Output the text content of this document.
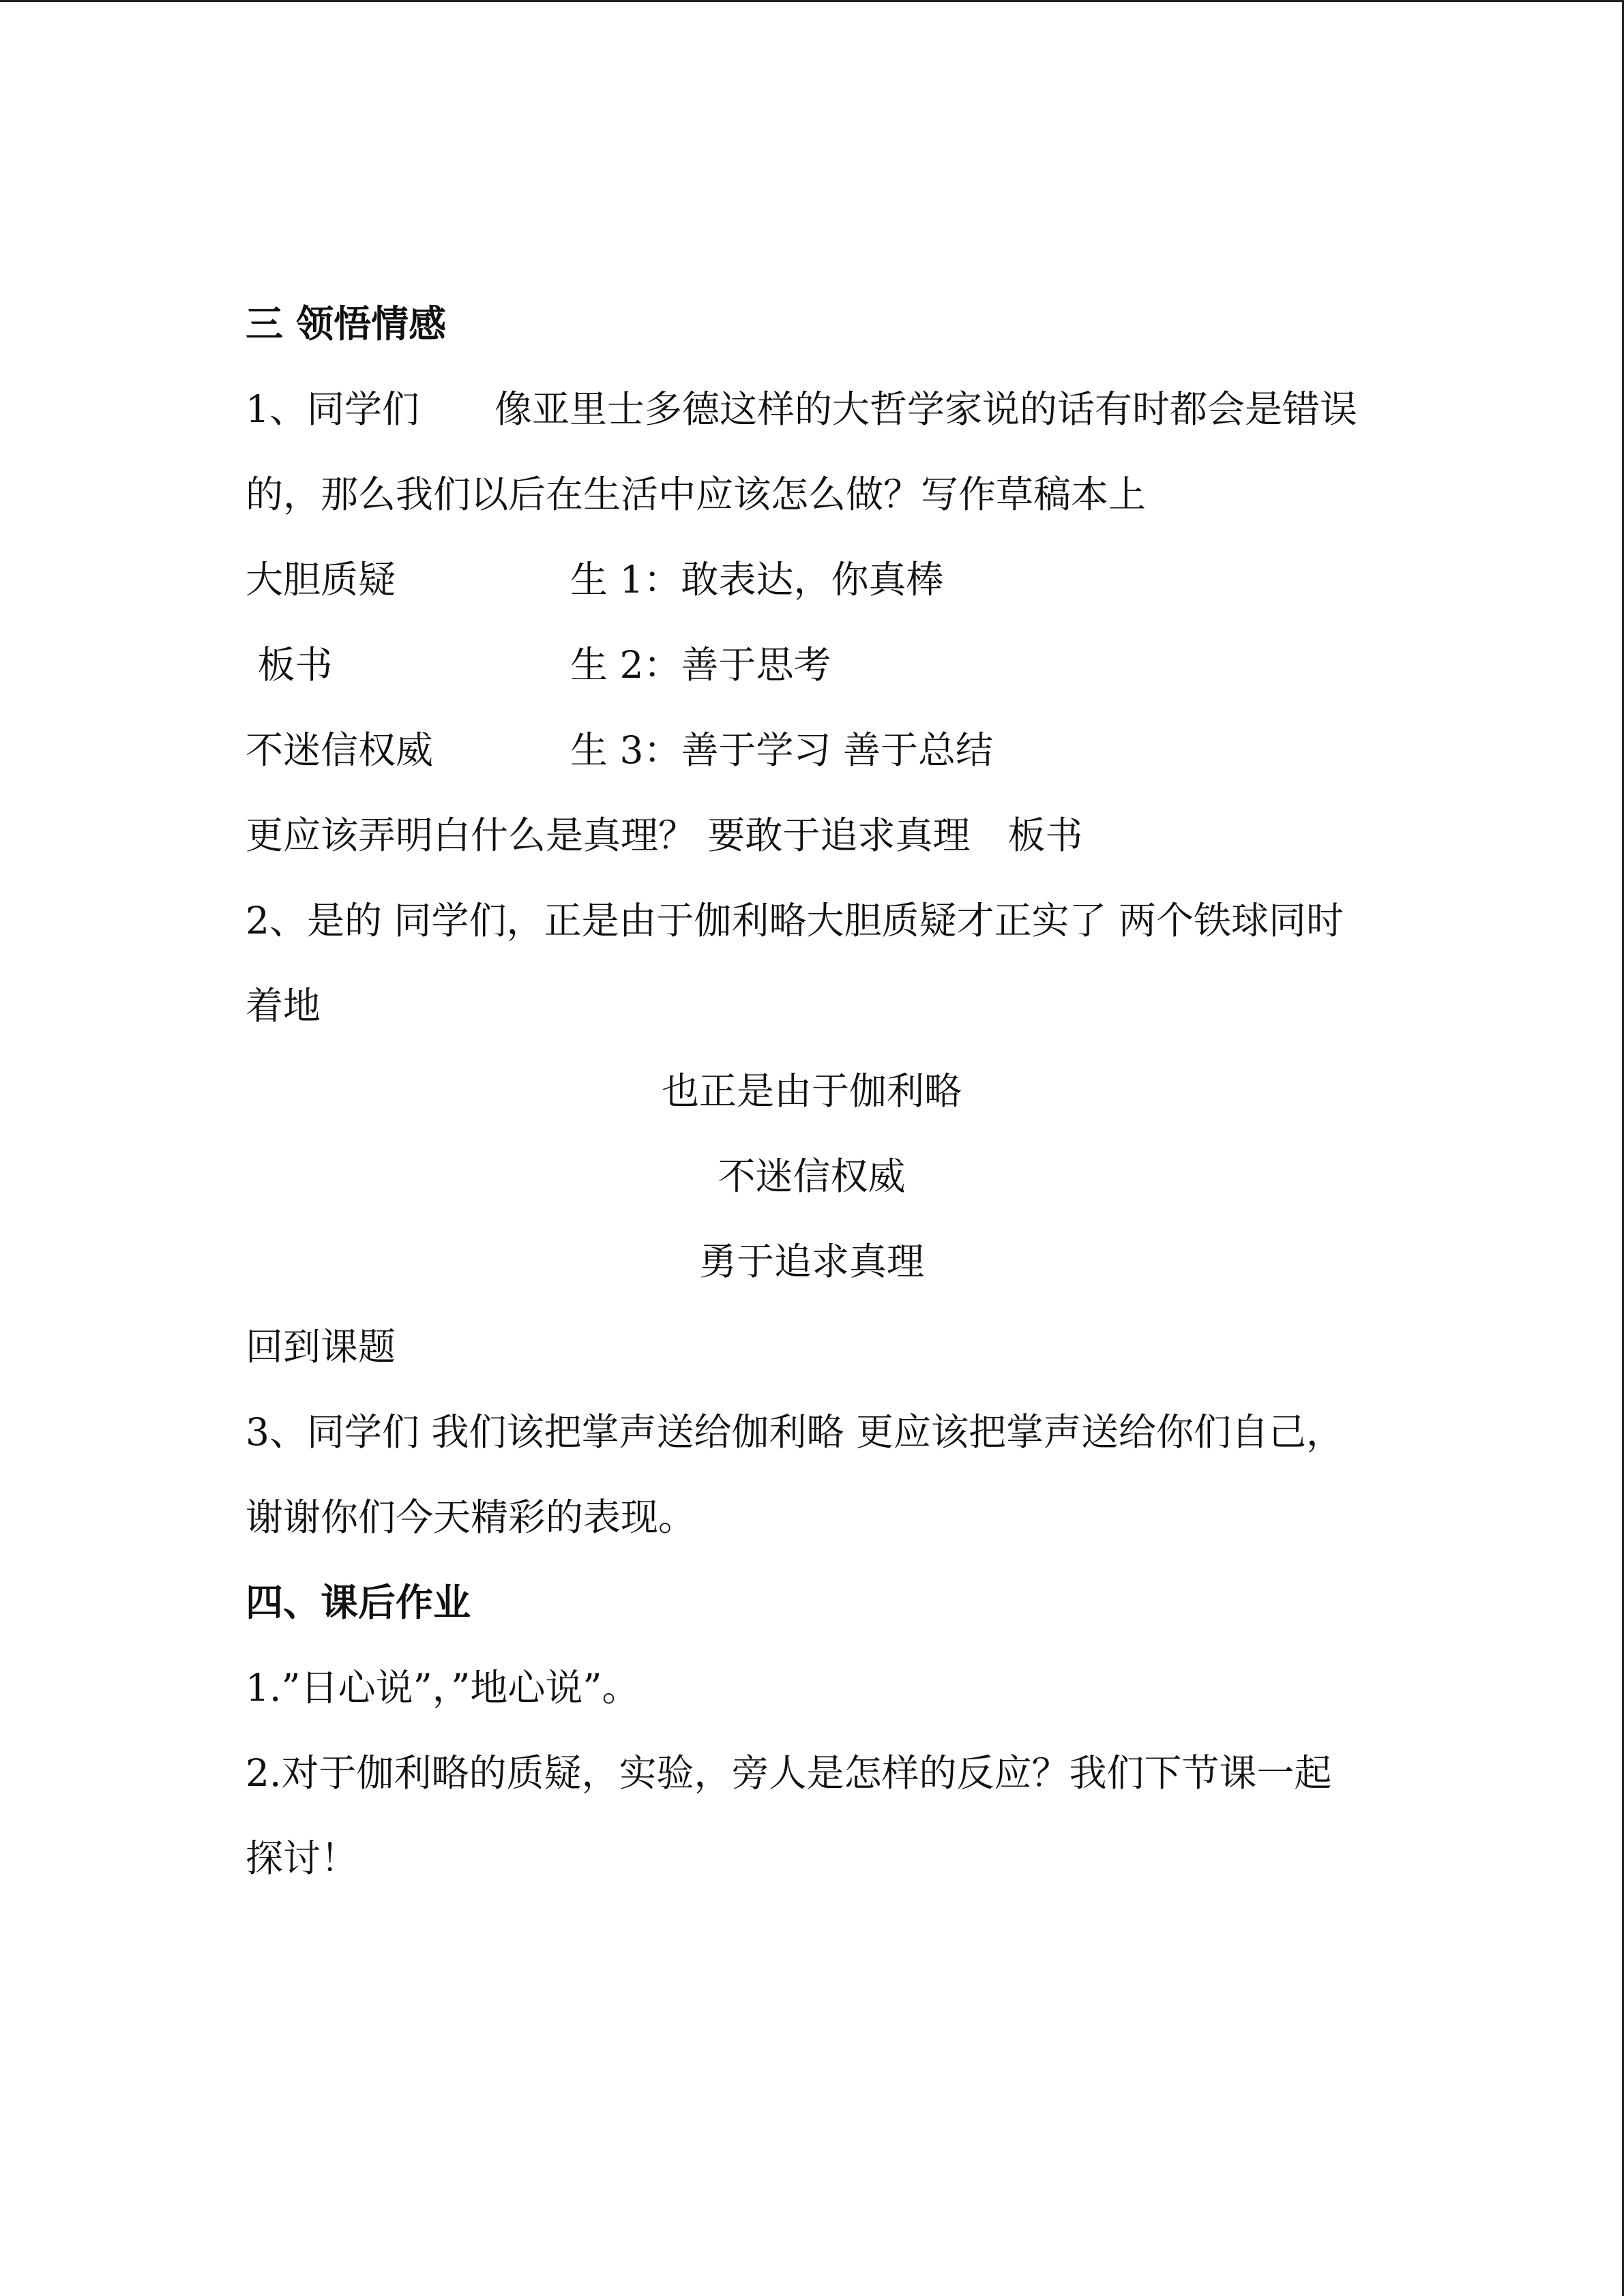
三 领悟情感
1、同学们　　像亚里士多德这样的大哲学家说的话有时都会是错误
的，那么我们以后在生活中应该怎么做？写作草稿本上
大胆质疑	生 1：敢表达，你真棒
板书	生 2：善于思考
不迷信权威	生 3：善于学习 善于总结
更应该弄明白什么是真理？ 要敢于追求真理　板书
2、是的 同学们，正是由于伽利略大胆质疑才正实了 两个铁球同时
着地
也正是由于伽利略
不迷信权威
勇于追求真理
回到课题
3、同学们 我们该把掌声送给伽利略 更应该把掌声送给你们自己，
谢谢你们今天精彩的表现。
四、课后作业
1.”日心说”，”地心说”。
2.对于伽利略的质疑，实验，旁人是怎样的反应？我们下节课一起
探讨！
